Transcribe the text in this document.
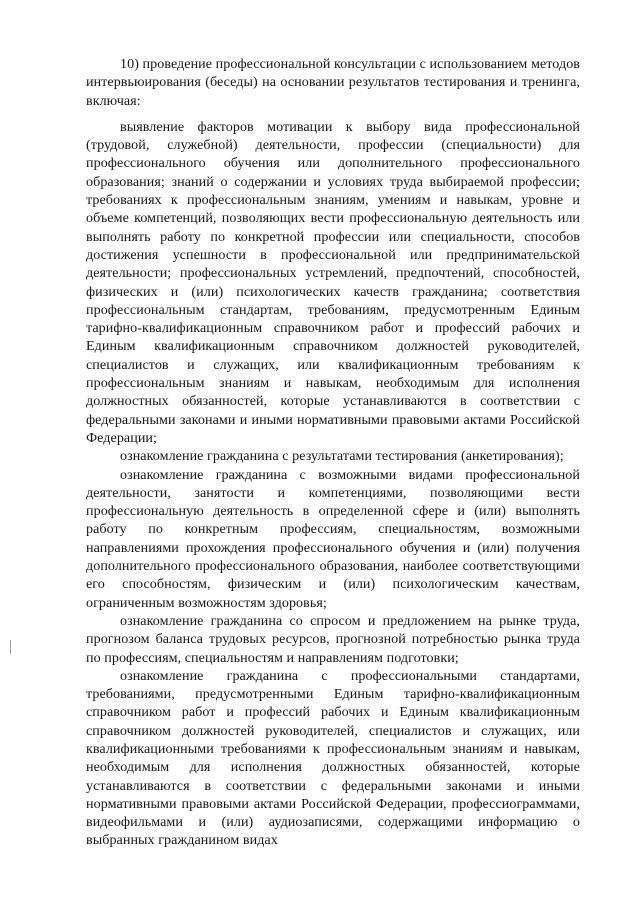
10) проведение профессиональной консультации с использованием методов интервьюирования (беседы) на основании результатов тестирования и тренинга, включая:

выявление факторов мотивации к выбору вида профессиональной (трудовой, служебной) деятельности, профессии (специальности) для профессионального обучения или дополнительного профессионального образования; знаний о содержании и условиях труда выбираемой профессии; требованиях к профессиональным знаниям, умениям и навыкам, уровне и объеме компетенций, позволяющих вести профессиональную деятельность или выполнять работу по конкретной профессии или специальности, способов достижения успешности в профессиональной или предпринимательской деятельности; профессиональных устремлений, предпочтений, способностей, физических и (или) психологических качеств гражданина; соответствия профессиональным стандартам, требованиям, предусмотренным Единым тарифно-квалификационным справочником работ и профессий рабочих и Единым квалификационным справочником должностей руководителей, специалистов и служащих, или квалификационным требованиям к профессиональным знаниям и навыкам, необходимым для исполнения должностных обязанностей, которые устанавливаются в соответствии с федеральными законами и иными нормативными правовыми актами Российской Федерации;

ознакомление гражданина с результатами тестирования (анкетирования);

ознакомление гражданина с возможными видами профессиональной деятельности, занятости и компетенциями, позволяющими вести профессиональную деятельность в определенной сфере и (или) выполнять работу по конкретным профессиям, специальностям, возможными направлениями прохождения профессионального обучения и (или) получения дополнительного профессионального образования, наиболее соответствующими его способностям, физическим и (или) психологическим качествам, ограниченным возможностям здоровья;

ознакомление гражданина со спросом и предложением на рынке труда, прогнозом баланса трудовых ресурсов, прогнозной потребностью рынка труда по профессиям, специальностям и направлениям подготовки;

ознакомление гражданина с профессиональными стандартами, требованиями, предусмотренными Единым тарифно-квалификационным справочником работ и профессий рабочих и Единым квалификационным справочником должностей руководителей, специалистов и служащих, или квалификационными требованиями к профессиональным знаниям и навыкам, необходимым для исполнения должностных обязанностей, которые устанавливаются в соответствии с федеральными законами и иными нормативными правовыми актами Российской Федерации, профессиограммами, видеофильмами и (или) аудиозаписями, содержащими информацию о выбранных гражданином видах
